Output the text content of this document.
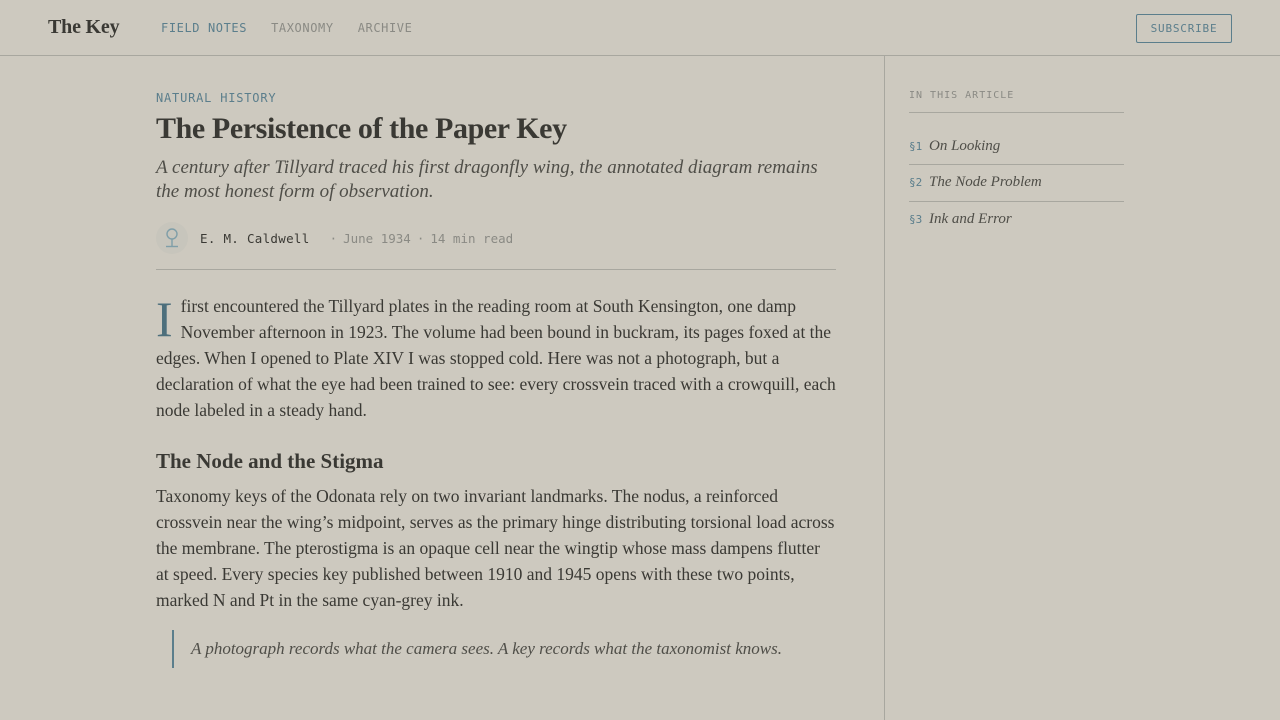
The Key	FIELD NOTES TAXONOMY ARCHIVE	SUBSCRIBE
NATURAL HISTORY
The Persistence of the Paper Key

A century after Tillyard traced his first dragonfly wing, the annotated diagram remains the most honest form of observation.

E. M. Caldwell	· June 1934 · 14 min read

Ifirst encountered the Tillyard plates in the reading room at South Kensington, one damp November afternoon in 1923. The volume had been bound in buckram, its pages foxed at the edges. When I opened to Plate XIV I was stopped cold. Here was not a photograph, but a declaration of what the eye had been trained to see: every crossvein traced with a crowquill, each node labeled in a steady hand.

The Node and the Stigma

Taxonomy keys of the Odonata rely on two invariant landmarks. The nodus, a reinforced crossvein near the wing’s midpoint, serves as the primary hinge distributing torsional load across the membrane. The pterostigma is an opaque cell near the wingtip whose mass dampens flutter at speed. Every species key published between 1910 and 1945 opens with these two points, marked N and Pt in the same cyan-grey ink.

A photograph records what the camera sees. A key records what the taxonomist knows.
IN THIS ARTICLE
§1 On Looking
§2 The Node Problem
§3 Ink and Error
